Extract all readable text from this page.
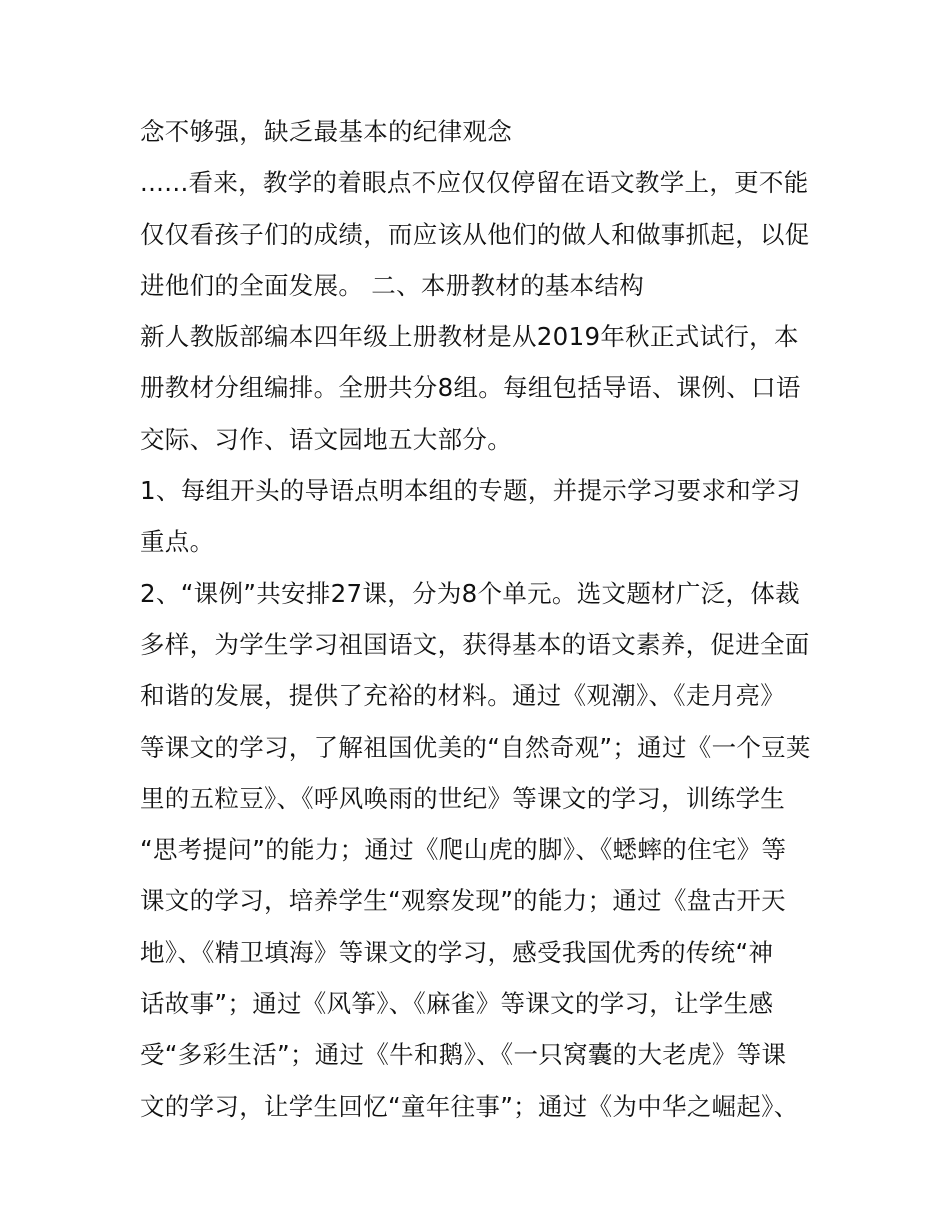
念不够强，缺乏最基本的纪律观念
......看来，教学的着眼点不应仅仅停留在语文教学上，更不能
仅仅看孩子们的成绩，而应该从他们的做人和做事抓起，以促
进他们的全面发展。 二、本册教材的基本结构
新人教版部编本四年级上册教材是从2019年秋正式试行，本
册教材分组编排。全册共分8组。每组包括导语、课例、口语
交际、习作、语文园地五大部分。
1、每组开头的导语点明本组的专题，并提示学习要求和学习
重点。
2、“课例”共安排27课，分为8个单元。选文题材广泛，体裁
多样，为学生学习祖国语文，获得基本的语文素养，促进全面
和谐的发展，提供了充裕的材料。通过《观潮》、《走月亮》
等课文的学习，了解祖国优美的“自然奇观”；通过《一个豆荚
里的五粒豆》、《呼风唤雨的世纪》等课文的学习，训练学生
“思考提问”的能力；通过《爬山虎的脚》、《蟋蟀的住宅》等
课文的学习，培养学生“观察发现”的能力；通过《盘古开天
地》、《精卫填海》等课文的学习，感受我国优秀的传统“神
话故事”；通过《风筝》、《麻雀》等课文的学习，让学生感
受“多彩生活”；通过《牛和鹅》、《一只窝囊的大老虎》等课
文的学习，让学生回忆“童年往事”；通过《为中华之崛起》、
